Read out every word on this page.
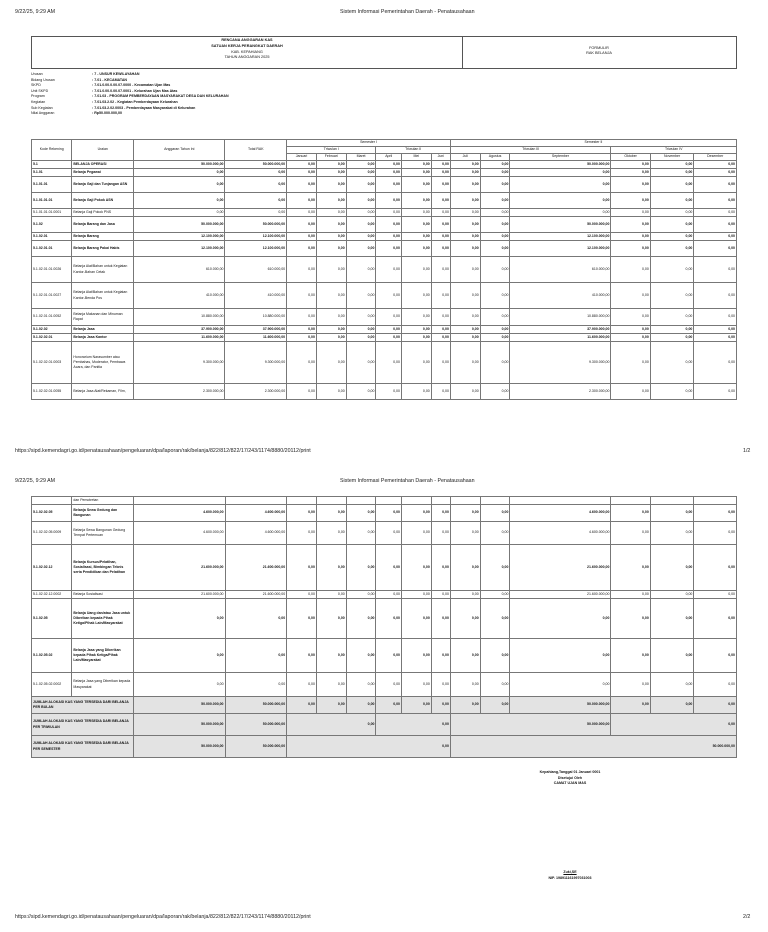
9/22/25, 9:29 AM	Sistem Informasi Pemerintahan Daerah - Penatausahaan
RENCANA ANGGARAN KAS
SATUAN KERJA PERANGKAT DAERAH
KAB. KEPAHIANG
TAHUN ANGGARAN 2025
FORMULIR
RAK BELANJA
Urusan	: 7 - UNSUR KEWILAYAHAN
Bidang Urusan	: 7.01 - KECAMATAN
SKPD	: 7.01.0.00.0.00.07.0000 - Kecamatan Ujan Mas
Unit SKPD	: 7.01.0.00.0.00.07.0001 - Kelurahan Ujan Mas Atas
Program	: 7.01.03 - PROGRAM PEMBERDAYAAN MASYARAKAT DESA DAN KELURAHAN
Kegiatan	: 7.01.03.2.02 - Kegiatan Pemberdayaan Kelurahan
Sub Kegiatan	: 7.01.03.2.02.0003 - Pemberdayaan Masyarakat di Kelurahan
Nilai Anggaran	: Rp50.000.000,00
Kode Rekening	Uraian	Anggaran Tahun Ini	Total RAK	Semester I						Semester II					
				Triwulan I			Triwulan II			Triwulan III			Triwulan IV		
				Januari	Februari	Maret	April	Mei	Juni	Juli	Agustus	September	Oktober	November	Desember
5.1	BELANJA OPERASI	50.000.000,00	50.000.000,00	0,00	0,00	0,00	0,00	0,00	0,00	0,00	0,00	50.000.000,00	0,00	0,00	0,00
5.1.01	Belanja Pegawai	0,00	0,00	0,00	0,00	0,00	0,00	0,00	0,00	0,00	0,00	0,00	0,00	0,00	0,00
5.1.01.01	Belanja Gaji dan Tunjangan ASN	0,00	0,00	0,00	0,00	0,00	0,00	0,00	0,00	0,00	0,00	0,00	0,00	0,00	0,00
5.1.01.01.01	Belanja Gaji Pokok ASN	0,00	0,00	0,00	0,00	0,00	0,00	0,00	0,00	0,00	0,00	0,00	0,00	0,00	0,00
5.1.01.01.01.0001	Belanja Gaji Pokok PNS	0,00	0,00	0,00	0,00	0,00	0,00	0,00	0,00	0,00	0,00	0,00	0,00	0,00	0,00
5.1.02	Belanja Barang dan Jasa	50.000.000,00	50.000.000,00	0,00	0,00	0,00	0,00	0,00	0,00	0,00	0,00	50.000.000,00	0,00	0,00	0,00
5.1.02.01	Belanja Barang	12.100.000,00	12.100.000,00	0,00	0,00	0,00	0,00	0,00	0,00	0,00	0,00	12.100.000,00	0,00	0,00	0,00
5.1.02.01.01	Belanja Barang Pakai Habis	12.100.000,00	12.100.000,00	0,00	0,00	0,00	0,00	0,00	0,00	0,00	0,00	12.100.000,00	0,00	0,00	0,00
5.1.02.01.01.0026	Belanja Alat/Bahan untuk Kegiatan Kantor-Bahan Cetak	610.000,00	610.000,00	0,00	0,00	0,00	0,00	0,00	0,00	0,00	0,00	610.000,00	0,00	0,00	0,00
5.1.02.01.01.0027	Belanja Alat/Bahan untuk Kegiatan Kantor-Benda Pos	410.000,00	410.000,00	0,00	0,00	0,00	0,00	0,00	0,00	0,00	0,00	410.000,00	0,00	0,00	0,00
5.1.02.01.01.0052	Belanja Makanan dan Minuman Rapat	10.880.000,00	10.880.000,00	0,00	0,00	0,00	0,00	0,00	0,00	0,00	0,00	10.880.000,00	0,00	0,00	0,00
5.1.02.02	Belanja Jasa	37.900.000,00	37.900.000,00	0,00	0,00	0,00	0,00	0,00	0,00	0,00	0,00	37.900.000,00	0,00	0,00	0,00
5.1.02.02.01	Belanja Jasa Kantor	11.600.000,00	11.600.000,00	0,00	0,00	0,00	0,00	0,00	0,00	0,00	0,00	11.600.000,00	0,00	0,00	0,00
5.1.02.02.01.0003	Honorarium Narasumber atau Pembahas, Moderator, Pembawa Acara, dan Panitia	9.300.000,00	9.300.000,00	0,00	0,00	0,00	0,00	0,00	0,00	0,00	0,00	9.300.000,00	0,00	0,00	0,00
5.1.02.02.01.0055	Belanja Jasa Alat/Rekaman, Film,	2.300.000,00	2.300.000,00	0,00	0,00	0,00	0,00	0,00	0,00	0,00	0,00	2.300.000,00	0,00	0,00	0,00
https://sipd.kemendagri.go.id/penatausahaan/pengeluaran/dpa/laporan/rak/belanja/822/812/822/17/243/1174/8880/20112/print	1/2
9/22/25, 9:29 AM	Sistem Informasi Pemerintahan Daerah - Penatausahaan
	dan Pemotretan														
5.1.02.02.05	Belanja Sewa Gedung dan Bangunan	4.600.000,00	4.600.000,00	0,00	0,00	0,00	0,00	0,00	0,00	0,00	0,00	4.600.000,00	0,00	0,00	0,00
5.1.02.02.05.0009	Belanja Sewa Bangunan Gedung Tempat Pertemuan	4.600.000,00	4.600.000,00	0,00	0,00	0,00	0,00	0,00	0,00	0,00	0,00	4.600.000,00	0,00	0,00	0,00
5.1.02.02.12	Belanja Kursus/Pelatihan, Sosialisasi, Bimbingan Teknis serta Pendidikan dan Pelatihan	21.600.000,00	21.600.000,00	0,00	0,00	0,00	0,00	0,00	0,00	0,00	0,00	21.600.000,00	0,00	0,00	0,00
5.1.02.02.12.0002	Belanja Sosialisasi	21.600.000,00	21.600.000,00	0,00	0,00	0,00	0,00	0,00	0,00	0,00	0,00	21.600.000,00	0,00	0,00	0,00
5.1.02.05	Belanja Uang dan/atau Jasa untuk Diberikan kepada Pihak Ketiga/Pihak Lain/Masyarakat	0,00	0,00	0,00	0,00	0,00	0,00	0,00	0,00	0,00	0,00	0,00	0,00	0,00	0,00
5.1.02.05.02	Belanja Jasa yang Diberikan kepada Pihak Ketiga/Pihak Lain/Masyarakat	0,00	0,00	0,00	0,00	0,00	0,00	0,00	0,00	0,00	0,00	0,00	0,00	0,00	0,00
5.1.02.05.02.0002	Belanja Jasa yang Diberikan kepada Masyarakat	0,00	0,00	0,00	0,00	0,00	0,00	0,00	0,00	0,00	0,00	0,00	0,00	0,00	0,00
JUMLAH ALOKASI KAS YANG TERSEDIA DARI BELANJA PER BULAN		50.000.000,00	50.000.000,00	0,00	0,00	0,00	0,00	0,00	0,00	0,00	0,00	50.000.000,00	0,00	0,00	0,00
JUMLAH ALOKASI KAS YANG TERSEDIA DARI BELANJA PER TRIWULAN		50.000.000,00	50.000.000,00	0,00			0,00			50.000.000,00			0,00		
JUMLAH ALOKASI KAS YANG TERSEDIA DARI BELANJA PER SEMESTER		50.000.000,00	50.000.000,00	0,00						50.000.000,00					
Kepahiang,Tanggal 01 Januari 0001
Disetujui Oleh
CAMAT UJAN MAS
Zuki,SE
NIP. 198911161997031003
https://sipd.kemendagri.go.id/penatausahaan/pengeluaran/dpa/laporan/rak/belanja/822/812/822/17/243/1174/8880/20112/print	2/2
